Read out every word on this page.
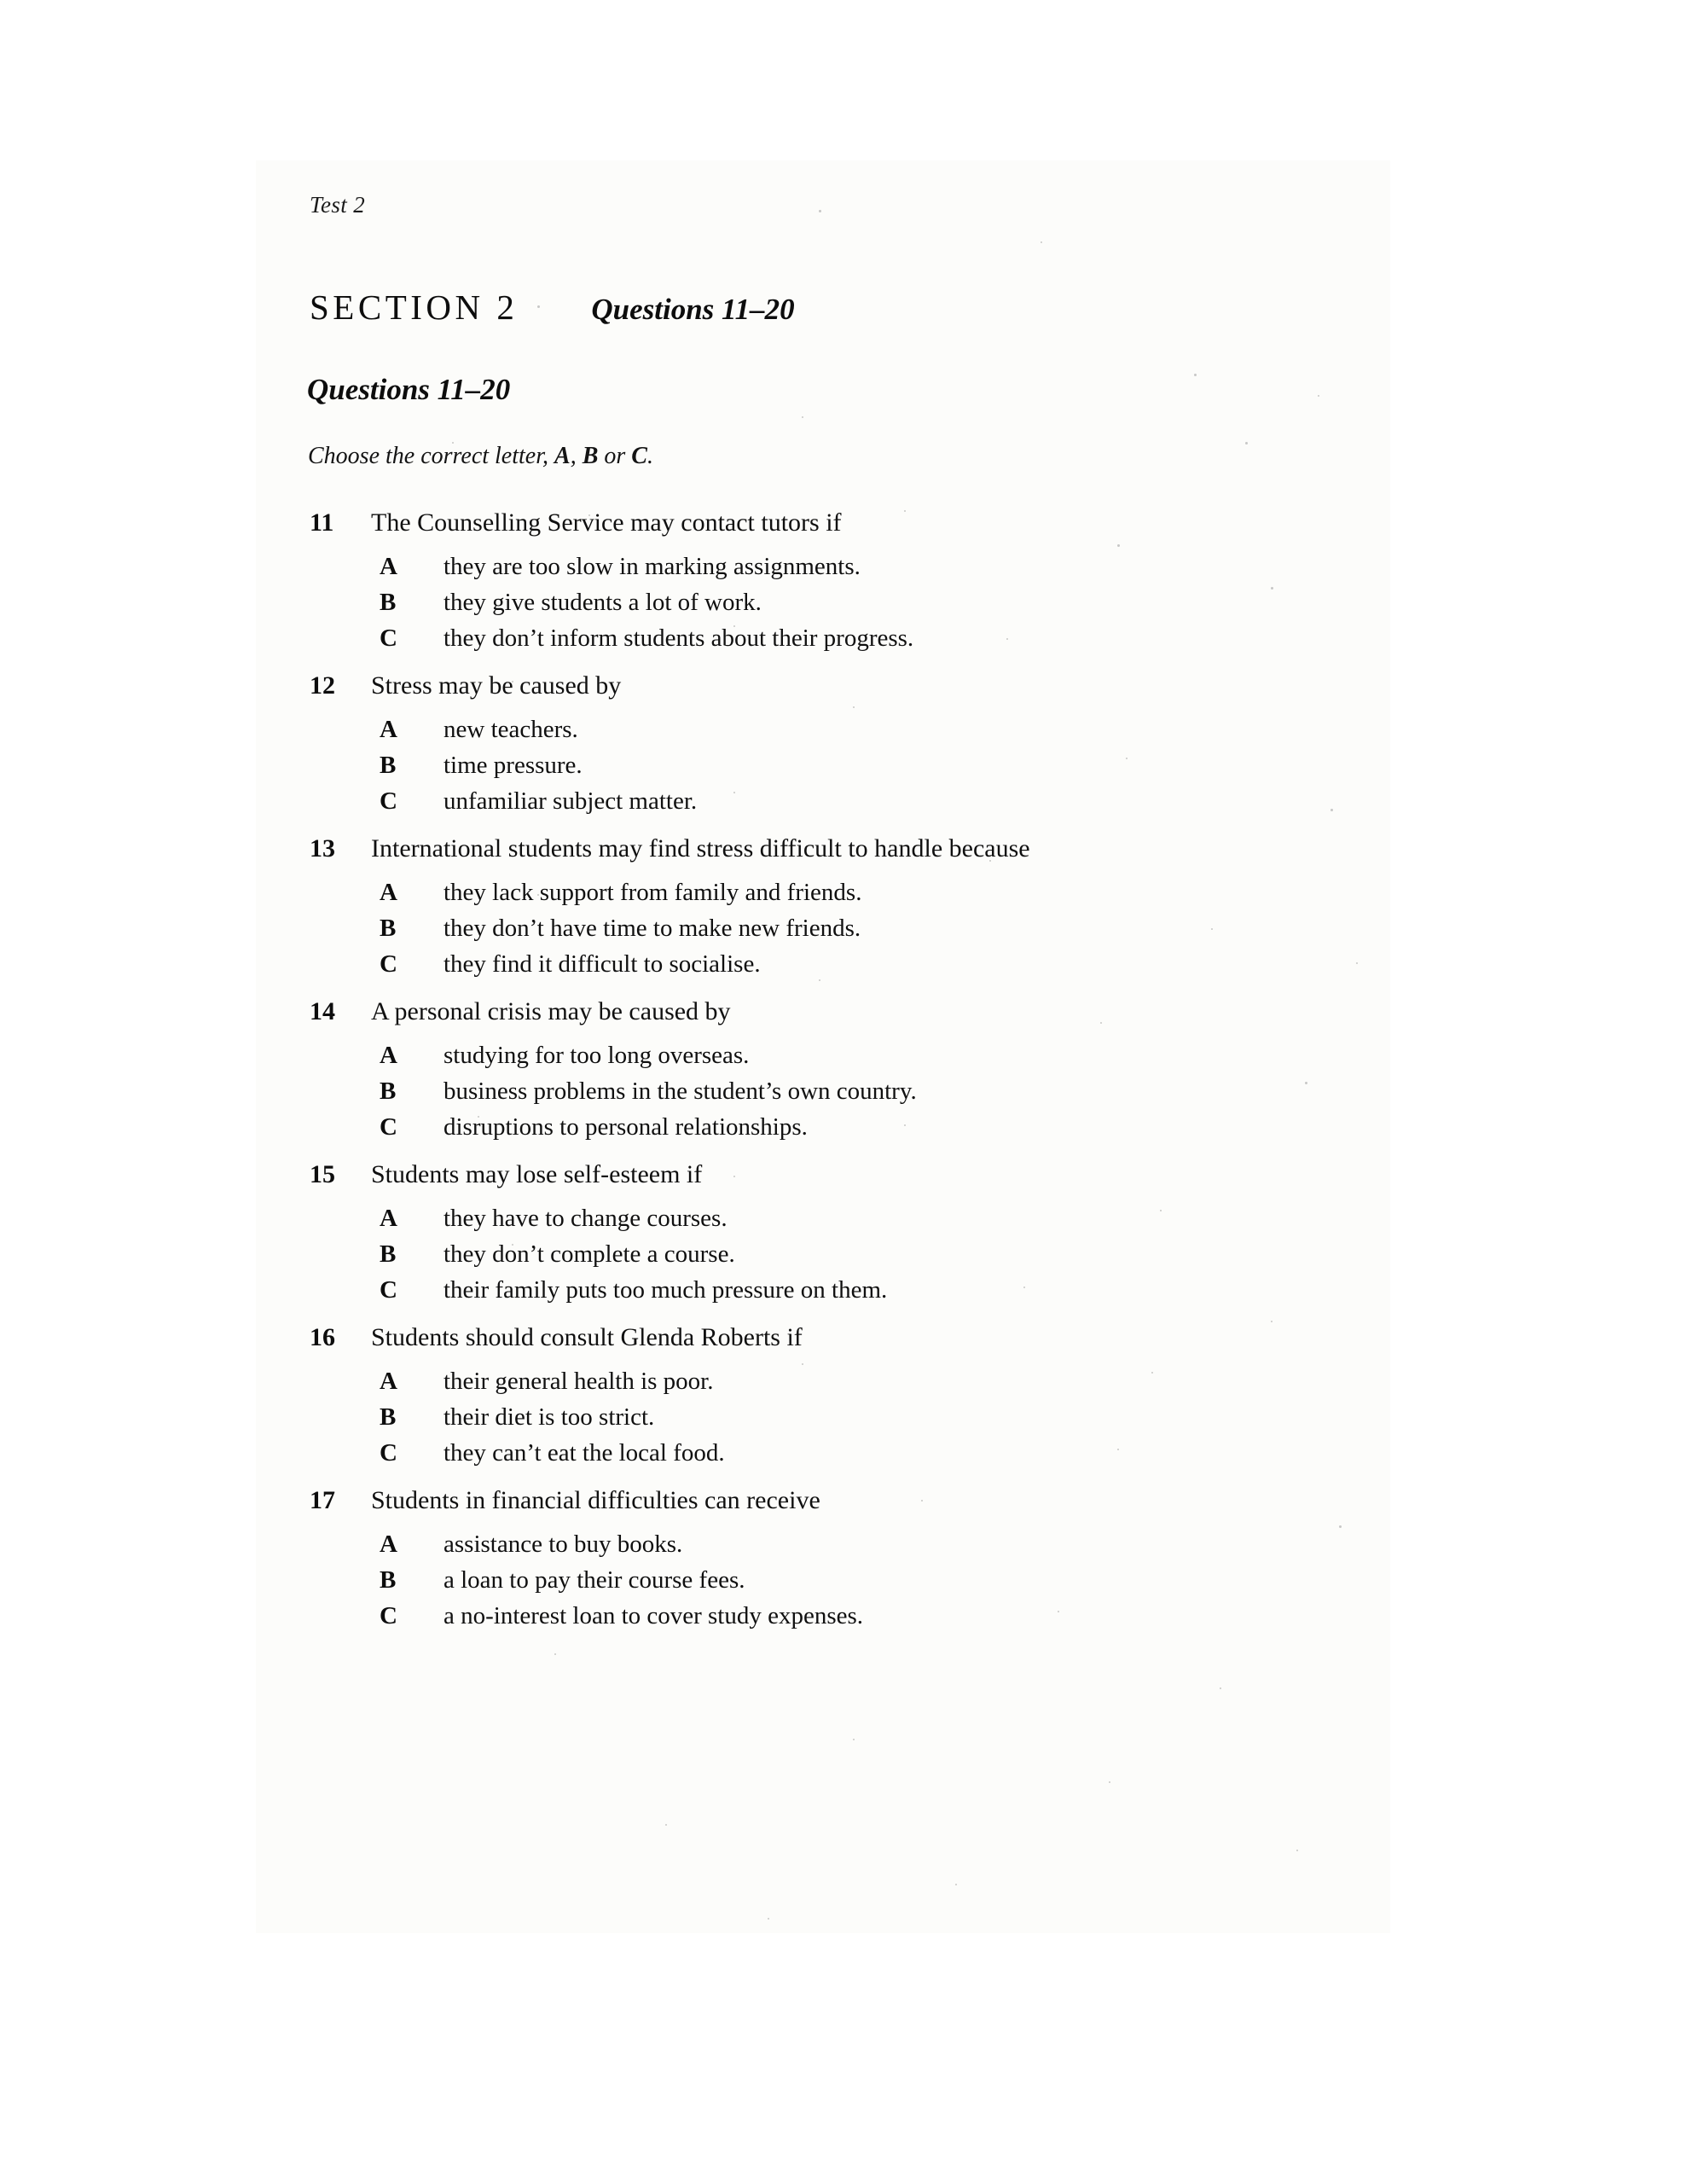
Test 2
SECTION 2 Questions 11–20
Questions 11–20
Choose the correct letter, A, B or C.
11	The Counselling Service may contact tutors if
A	they are too slow in marking assignments.
B	they give students a lot of work.
C	they don’t inform students about their progress.
12	Stress may be caused by
A	new teachers.
B	time pressure.
C	unfamiliar subject matter.
13	International students may find stress difficult to handle because
A	they lack support from family and friends.
B	they don’t have time to make new friends.
C	they find it difficult to socialise.
14	A personal crisis may be caused by
A	studying for too long overseas.
B	business problems in the student’s own country.
C	disruptions to personal relationships.
15	Students may lose self-esteem if
A	they have to change courses.
B	they don’t complete a course.
C	their family puts too much pressure on them.
16	Students should consult Glenda Roberts if
A	their general health is poor.
B	their diet is too strict.
C	they can’t eat the local food.
17	Students in financial difficulties can receive
A	assistance to buy books.
B	a loan to pay their course fees.
C	a no-interest loan to cover study expenses.
